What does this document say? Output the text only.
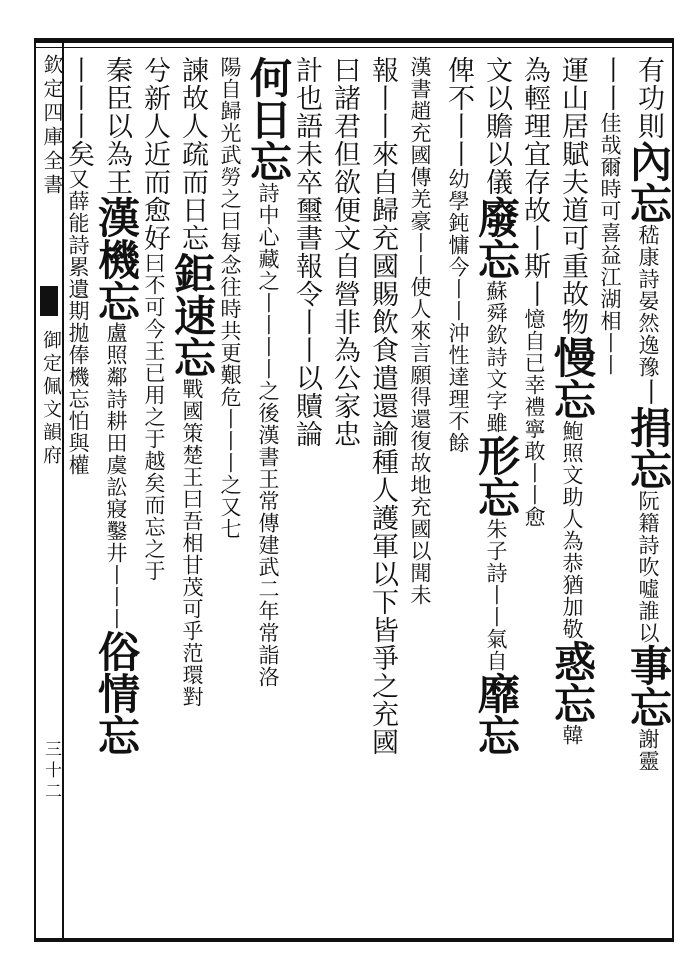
欽定四庫全書
御定佩文韻府
三十二
有功則內忘嵇康詩晏然逸豫丨捐忘阮籍詩吹噓誰以事忘謝靈
丨丨佳哉爾時可喜益江湖相丨丨
運山居賦夫道可重故物慢忘鮑照文助人為恭猶加敬惑忘韓
為輕理宜存故丨斯丨憶自已幸禮寧敢丨丨愈
文以贍以儀廢忘蘇舜欽詩文字雖形忘朱子詩丨丨氣自靡忘
俾不丨丨幼學鈍慵今丨丨沖性達理不餘
漢書趙充國傳羌豪丨丨使人來言願得還復故地充國以聞未
報丨丨來自歸充國賜飲食遣還諭種人護軍以下皆爭之充國
曰諸君但欲便文自營非為公家忠
計也語未卒璽書報令丨丨以贖論
何日忘詩中心藏之丨丨丨丨之後漢書王常傳建武二年常詣洛
陽自歸光武勞之曰每念往時共更艱危丨丨丨之又七
諫故人疏而日忘鉅速忘戰國策楚王曰吾相甘茂可乎范環對
兮新人近而愈好曰不可今王已用之于越矣而忘之于
秦臣以為王漢機忘盧照鄰詩耕田虞訟寢鑿井丨丨丨俗情忘
丨丨丨矣又薛能詩累遺期拋俸機忘怕與權
